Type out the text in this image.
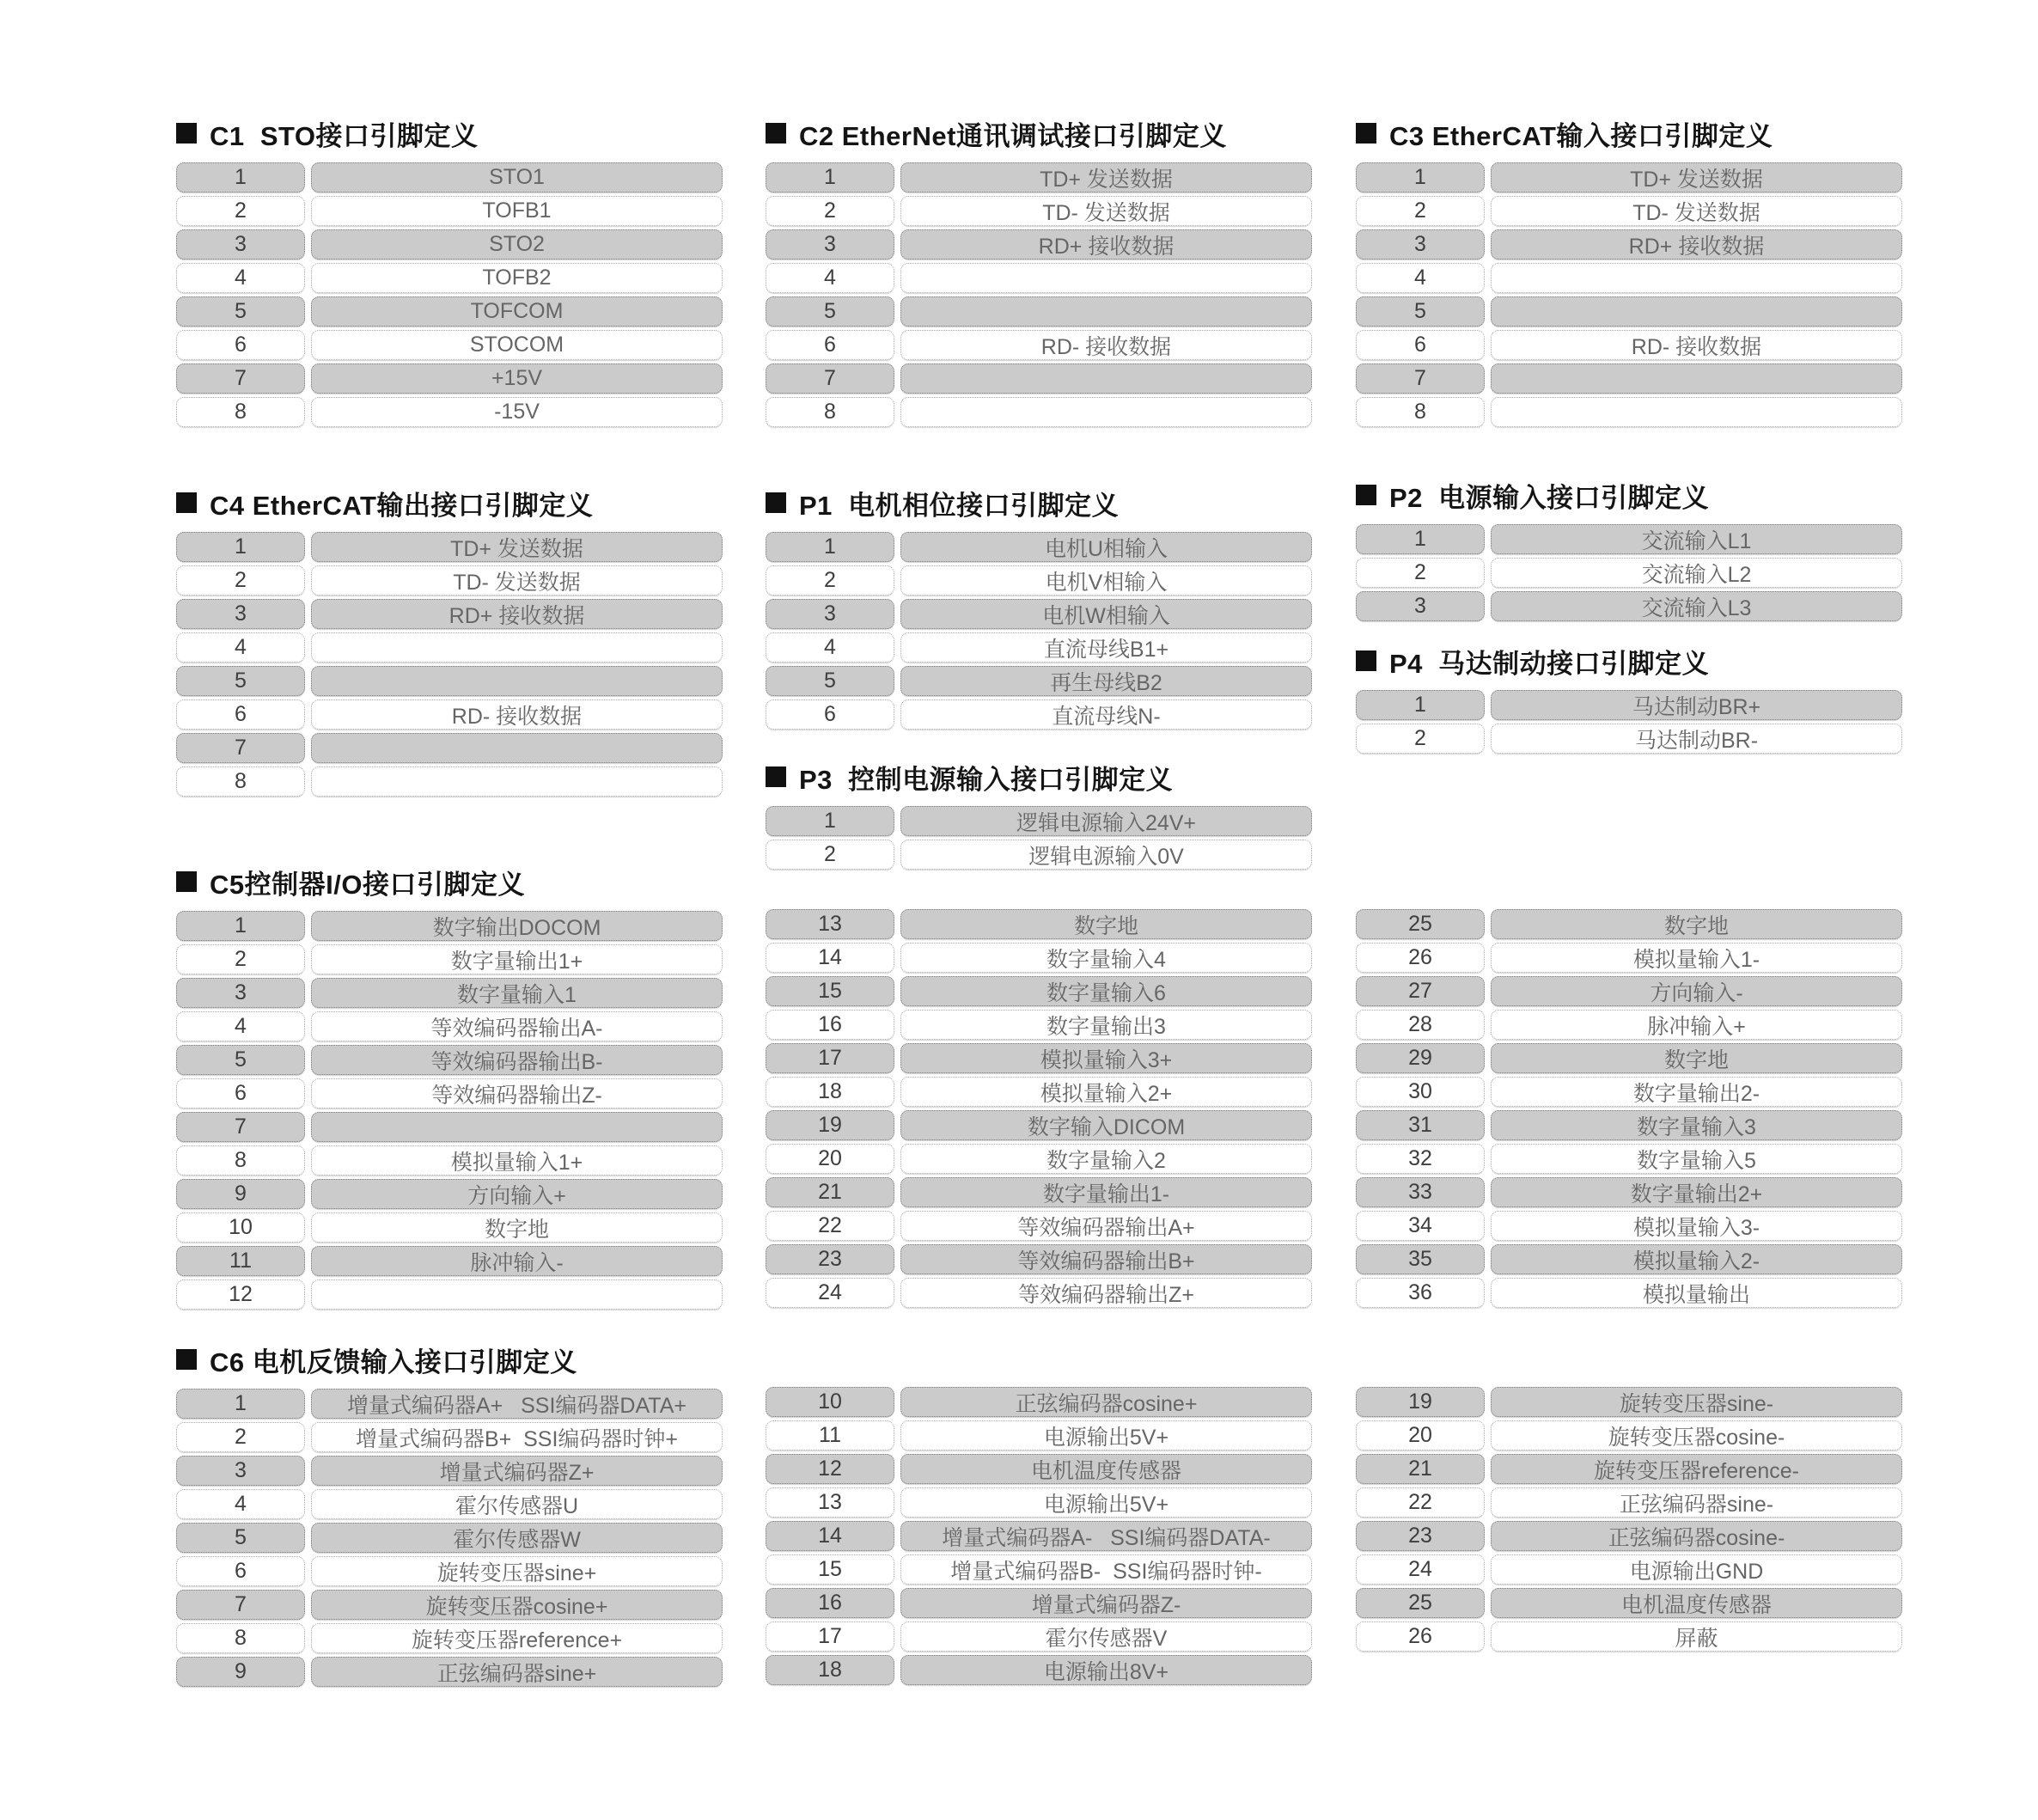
C1  STO接口引脚定义
1	STO1
2	TOFB1
3	STO2
4	TOFB2
5	TOFCOM
6	STOCOM
7	+15V
8	-15V
C2 EtherNet通讯调试接口引脚定义
1	TD+ 发送数据
2	TD- 发送数据
3	RD+ 接收数据
4
5
6	RD- 接收数据
7
8
C3 EtherCAT输入接口引脚定义
1	TD+ 发送数据
2	TD- 发送数据
3	RD+ 接收数据
4
5
6	RD- 接收数据
7
8
C4 EtherCAT输出接口引脚定义
1	TD+ 发送数据
2	TD- 发送数据
3	RD+ 接收数据
4
5
6	RD- 接收数据
7
8
P1  电机相位接口引脚定义
1	电机U相输入
2	电机V相输入
3	电机W相输入
4	直流母线B1+
5	再生母线B2
6	直流母线N-
P2  电源输入接口引脚定义
1	交流输入L1
2	交流输入L2
3	交流输入L3
P4  马达制动接口引脚定义
1	马达制动BR+
2	马达制动BR-
P3  控制电源输入接口引脚定义
1	逻辑电源输入24V+
2	逻辑电源输入0V
C5控制器I/O接口引脚定义
1	数字输出DOCOM
2	数字量输出1+
3	数字量输入1
4	等效编码器输出A-
5	等效编码器输出B-
6	等效编码器输出Z-
7
8	模拟量输入1+
9	方向输入+
10	数字地
11	脉冲输入-
12
13	数字地
14	数字量输入4
15	数字量输入6
16	数字量输出3
17	模拟量输入3+
18	模拟量输入2+
19	数字输入DICOM
20	数字量输入2
21	数字量输出1-
22	等效编码器输出A+
23	等效编码器输出B+
24	等效编码器输出Z+
25	数字地
26	模拟量输入1-
27	方向输入-
28	脉冲输入+
29	数字地
30	数字量输出2-
31	数字量输入3
32	数字量输入5
33	数字量输出2+
34	模拟量输入3-
35	模拟量输入2-
36	模拟量输出
C6 电机反馈输入接口引脚定义
1	增量式编码器A+   SSI编码器DATA+
2	增量式编码器B+  SSI编码器时钟+
3	增量式编码器Z+
4	霍尔传感器U
5	霍尔传感器W
6	旋转变压器sine+
7	旋转变压器cosine+
8	旋转变压器reference+
9	正弦编码器sine+
10	正弦编码器cosine+
11	电源输出5V+
12	电机温度传感器
13	电源输出5V+
14	增量式编码器A-   SSI编码器DATA-
15	增量式编码器B-  SSI编码器时钟-
16	增量式编码器Z-
17	霍尔传感器V
18	电源输出8V+
19	旋转变压器sine-
20	旋转变压器cosine-
21	旋转变压器reference-
22	正弦编码器sine-
23	正弦编码器cosine-
24	电源输出GND
25	电机温度传感器
26	屏蔽
